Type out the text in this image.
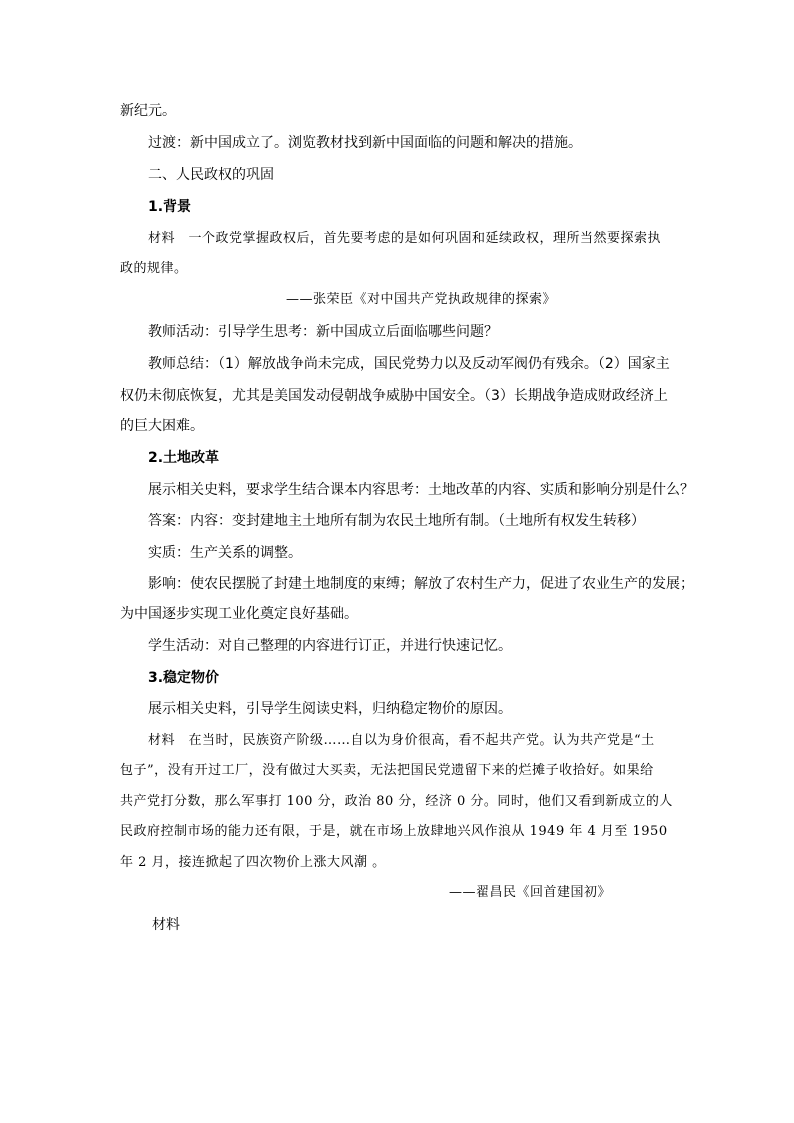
新纪元。
过渡：新中国成立了。浏览教材找到新中国面临的问题和解决的措施。
二、人民政权的巩固
1.背景
材料　一个政党掌握政权后，首先要考虑的是如何巩固和延续政权，理所当然要探索执
政的规律。
——张荣臣《对中国共产党执政规律的探索》
教师活动：引导学生思考：新中国成立后面临哪些问题？
教师总结：（1）解放战争尚未完成，国民党势力以及反动军阀仍有残余。（2）国家主
权仍未彻底恢复，尤其是美国发动侵朝战争威胁中国安全。（3）长期战争造成财政经济上
的巨大困难。
2.土地改革
展示相关史料，要求学生结合课本内容思考：土地改革的内容、实质和影响分别是什么？
答案：内容：变封建地主土地所有制为农民土地所有制。（土地所有权发生转移）
实质：生产关系的调整。
影响：使农民摆脱了封建土地制度的束缚；解放了农村生产力，促进了农业生产的发展；
为中国逐步实现工业化奠定良好基础。
学生活动：对自己整理的内容进行订正，并进行快速记忆。
3.稳定物价
展示相关史料，引导学生阅读史料，归纳稳定物价的原因。
材料　在当时，民族资产阶级……自以为身价很高，看不起共产党。认为共产党是“土
包子”，没有开过工厂，没有做过大买卖，无法把国民党遗留下来的烂摊子收拾好。如果给
共产党打分数，那么军事打 100 分，政治 80 分，经济 0 分。同时，他们又看到新成立的人
民政府控制市场的能力还有限，于是，就在市场上放肆地兴风作浪从 1949 年 4 月至 1950
年 2 月，接连掀起了四次物价上涨大风潮 。
——翟昌民《回首建国初》
材料
